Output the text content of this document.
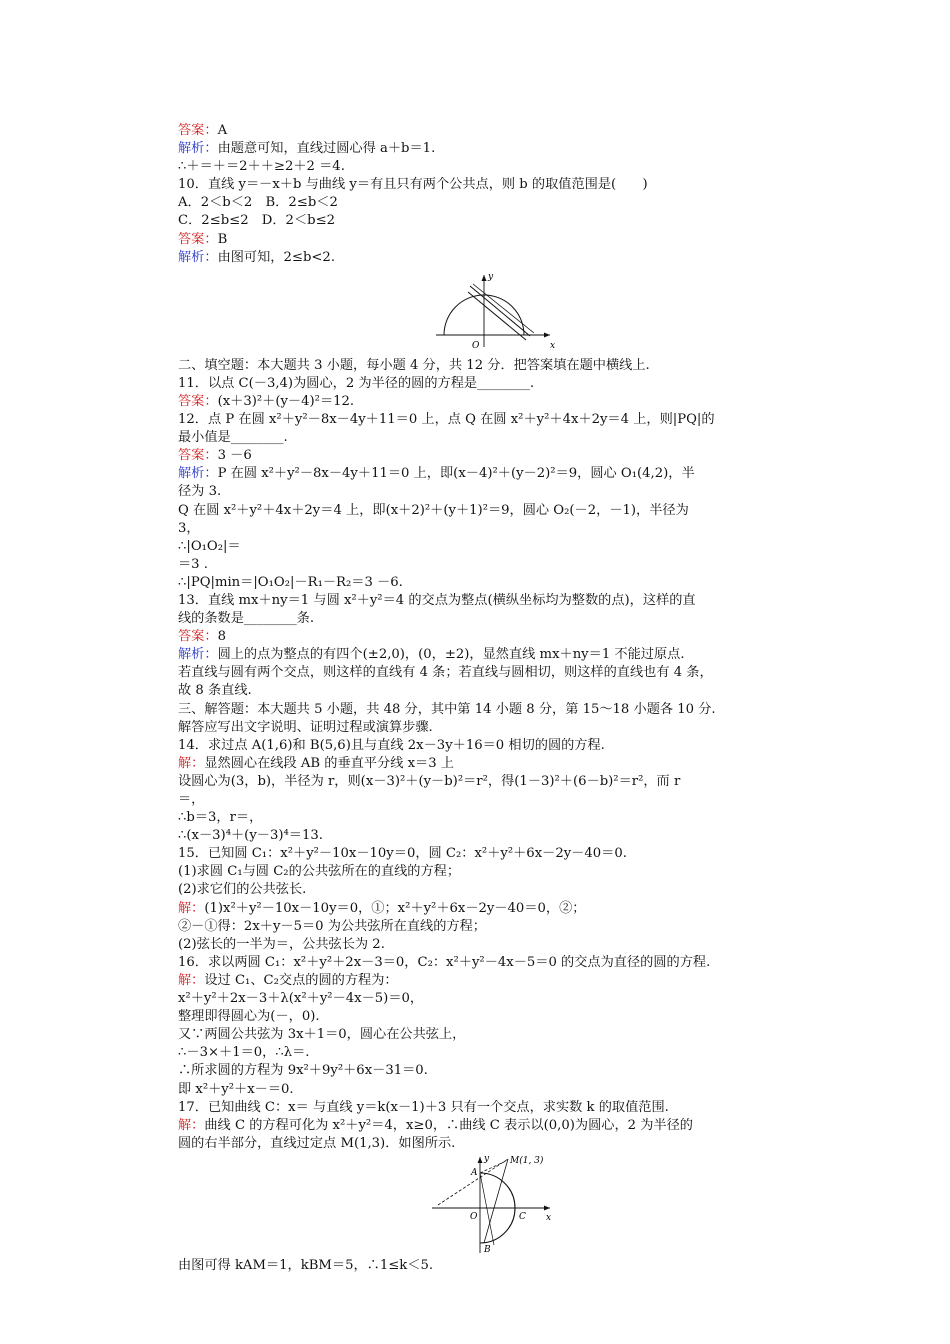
答案：A
解析：由题意可知，直线过圆心得 a＋b＝1.
∴＋＝＋＝2＋＋≥2＋2 ＝4.
10．直线 y＝－x＋b 与曲线 y＝有且只有两个公共点，则 b 的取值范围是(　　)
A．2＜b＜2　B．2≤b＜2
C．2≤b≤2　D．2＜b≤2
答案：B
解析：由图可知，2≤b<2.
y
x
O
二、填空题：本大题共 3 小题，每小题 4 分，共 12 分．把答案填在题中横线上.
11．以点 C(－3,4)为圆心，2 为半径的圆的方程是________.
答案：(x＋3)²＋(y－4)²＝12.
12．点 P 在圆 x²＋y²－8x－4y＋11＝0 上，点 Q 在圆 x²＋y²＋4x＋2y＝4 上，则|PQ|的
最小值是________.
答案：3 －6
解析：P 在圆 x²＋y²－8x－4y＋11＝0 上，即(x－4)²＋(y－2)²＝9，圆心 O₁(4,2)，半
径为 3.
Q 在圆 x²＋y²＋4x＋2y＝4 上，即(x＋2)²＋(y＋1)²＝9，圆心 O₂(－2，－1)，半径为
3，
∴|O₁O₂|＝
＝3 .
∴|PQ|min＝|O₁O₂|－R₁－R₂＝3 －6.
13．直线 mx＋ny＝1 与圆 x²＋y²＝4 的交点为整点(横纵坐标均为整数的点)，这样的直
线的条数是________条.
答案：8
解析：圆上的点为整点的有四个(±2,0)，(0，±2)，显然直线 mx＋ny＝1 不能过原点.
若直线与圆有两个交点，则这样的直线有 4 条；若直线与圆相切，则这样的直线也有 4 条，
故 8 条直线.
三、解答题：本大题共 5 小题，共 48 分，其中第 14 小题 8 分，第 15～18 小题各 10 分.
解答应写出文字说明、证明过程或演算步骤.
14．求过点 A(1,6)和 B(5,6)且与直线 2x－3y＋16＝0 相切的圆的方程.
解：显然圆心在线段 AB 的垂直平分线 x＝3 上
设圆心为(3，b)，半径为 r，则(x－3)²＋(y－b)²＝r²，得(1－3)²＋(6－b)²＝r²，而 r
＝，
∴b＝3，r＝，
∴(x－3)⁴＋(y－3)⁴＝13.
15．已知圆 C₁：x²＋y²－10x－10y＝0，圆 C₂：x²＋y²＋6x－2y－40＝0.
(1)求圆 C₁与圆 C₂的公共弦所在的直线的方程；
(2)求它们的公共弦长.
解：(1)x²＋y²－10x－10y＝0，①；x²＋y²＋6x－2y－40＝0，②；
②－①得：2x＋y－5＝0 为公共弦所在直线的方程；
(2)弦长的一半为＝，公共弦长为 2.
16．求以两圆 C₁：x²＋y²＋2x－3＝0，C₂：x²＋y²－4x－5＝0 的交点为直径的圆的方程.
解：设过 C₁、C₂交点的圆的方程为：
x²＋y²＋2x－3＋λ(x²＋y²－4x－5)＝0，
整理即得圆心为(－，0).
又∵两圆公共弦为 3x＋1＝0，圆心在公共弦上，
∴－3×＋1＝0，∴λ＝.
∴所求圆的方程为 9x²＋9y²＋6x－31＝0.
即 x²＋y²＋x－＝0.
17．已知曲线 C：x＝ 与直线 y＝k(x－1)＋3 只有一个交点，求实数 k 的取值范围.
解：曲线 C 的方程可化为 x²＋y²＝4，x≥0，∴曲线 C 表示以(0,0)为圆心，2 为半径的
圆的右半部分，直线过定点 M(1,3)．如图所示.
y
x
O
A
B
C
M(1, 3)
由图可得 kAM＝1，kBM＝5，∴1≤k＜5.
